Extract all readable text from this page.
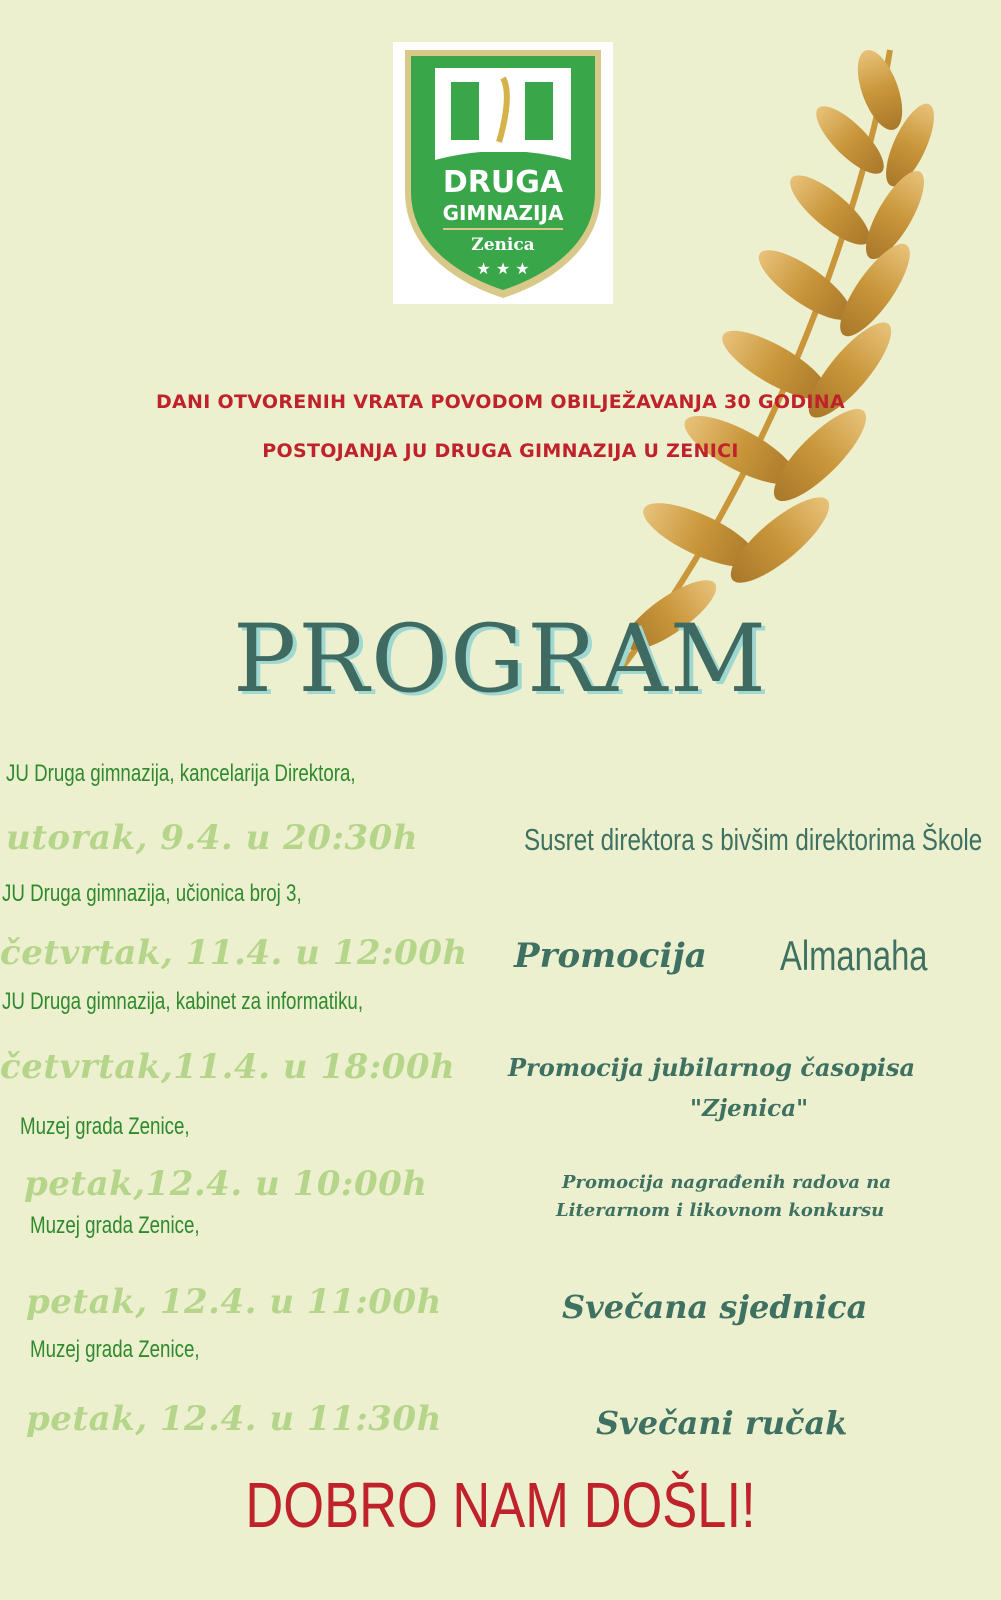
DRUGA
GIMNAZIJA
Zenica
★ ★ ★
DANI OTVORENIH VRATA POVODOM OBILJEŽAVANJA 30 GODINA
POSTOJANJA JU DRUGA GIMNAZIJA U ZENICI
PROGRAM
JU Druga gimnazija, kancelarija Direktora,
utorak, 9.4. u 20:30h	Susret direktora s bivšim direktorima Škole
JU Druga gimnazija, učionica broj 3,
četvrtak, 11.4. u 12:00h Promocija Almanaha
JU Druga gimnazija, kabinet za informatiku,
četvrtak,11.4. u 18:00h Promocija jubilarnog časopisa
"Zjenica"
Muzej grada Zenice,
petak,12.4. u 10:00h	Promocija nagrađenih radova na
Literarnom i likovnom konkursu
Muzej grada Zenice,
petak, 12.4. u 11:00h	Svečana sjednica
Muzej grada Zenice,
petak, 12.4. u 11:30h	Svečani ručak
DOBRO NAM DOŠLI!
